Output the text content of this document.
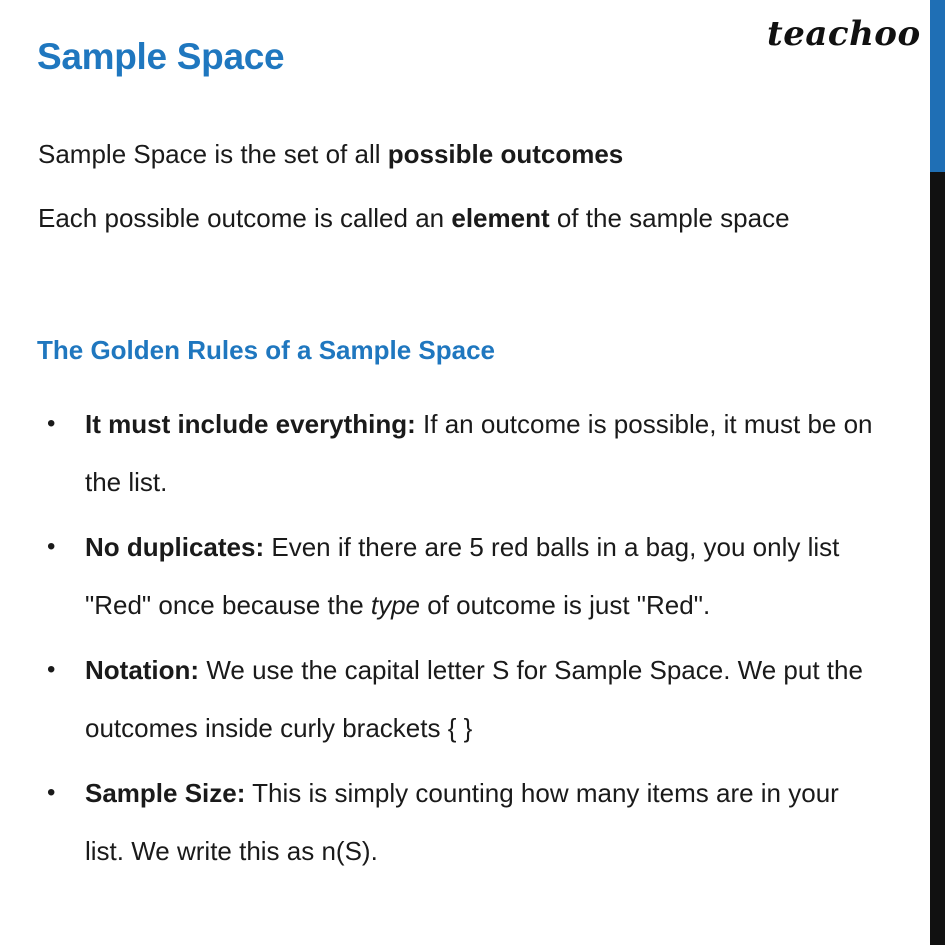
Sample Space
teachoo
Sample Space is the set of all possible outcomes
Each possible outcome is called an element of the sample space
The Golden Rules of a Sample Space
• It must include everything: If an outcome is possible, it must be on the list.
• No duplicates: Even if there are 5 red balls in a bag, you only list "Red" once because the type of outcome is just "Red".
• Notation: We use the capital letter S for Sample Space. We put the outcomes inside curly brackets { }
• Sample Size: This is simply counting how many items are in your list. We write this as n(S).
